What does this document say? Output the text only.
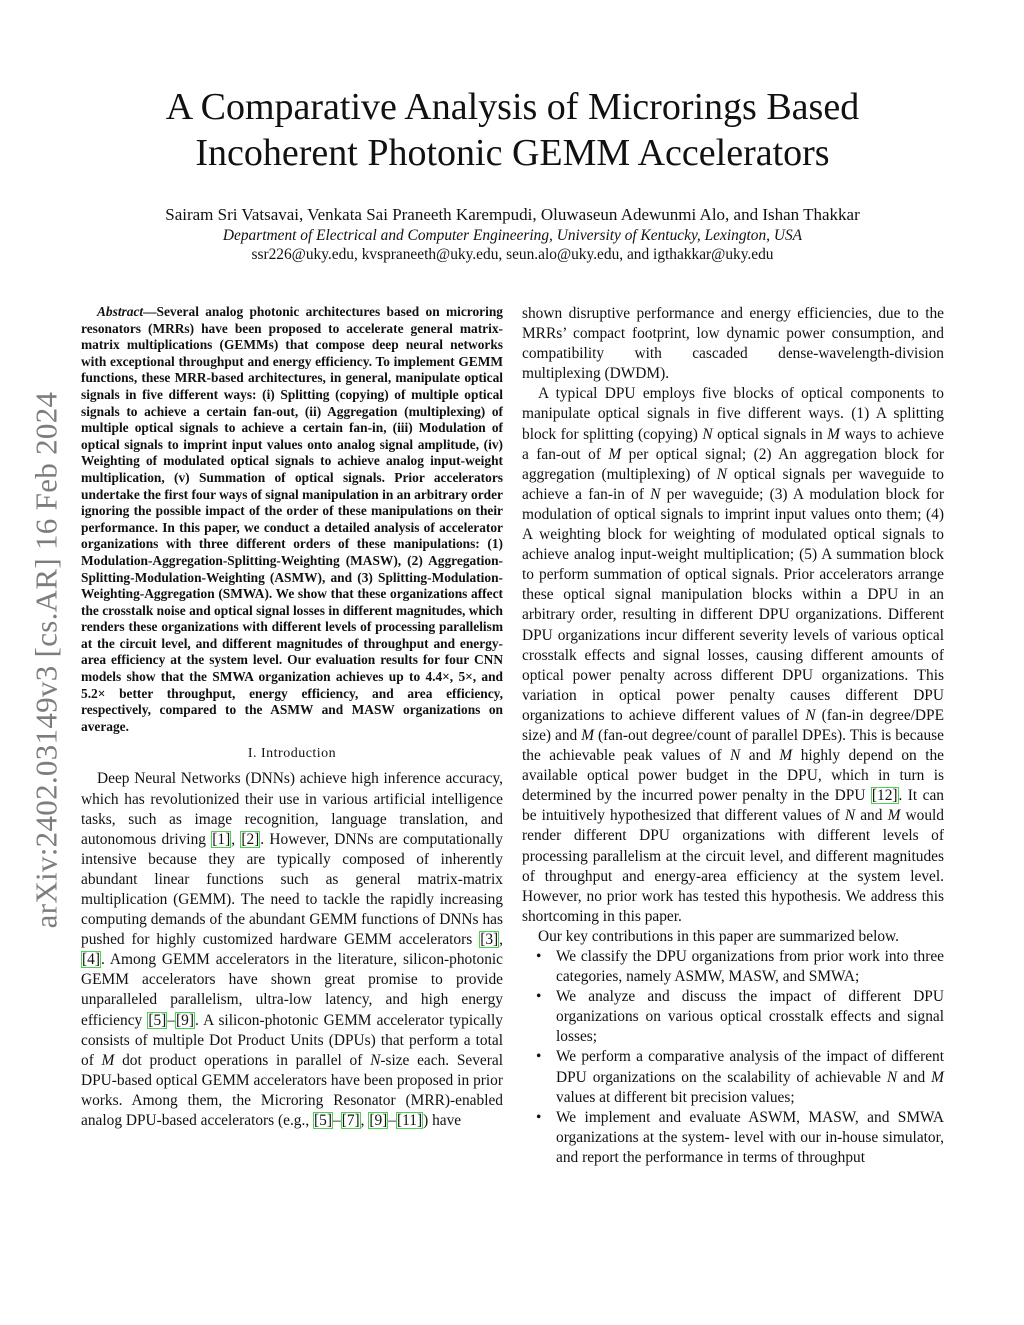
arXiv:2402.03149v3 [cs.AR] 16 Feb 2024
A Comparative Analysis of Microrings Based
Incoherent Photonic GEMM Accelerators
Sairam Sri Vatsavai, Venkata Sai Praneeth Karempudi, Oluwaseun Adewunmi Alo, and Ishan Thakkar
Department of Electrical and Computer Engineering, University of Kentucky, Lexington, USA
ssr226@uky.edu, kvspraneeth@uky.edu, seun.alo@uky.edu, and igthakkar@uky.edu

Abstract—Several analog photonic architectures based on microring resonators (MRRs) have been proposed to accelerate general matrix-matrix multiplications (GEMMs) that compose deep neural networks with exceptional throughput and energy efficiency. To implement GEMM functions, these MRR-based architectures, in general, manipulate optical signals in five different ways: (i) Splitting (copying) of multiple optical signals to achieve a certain fan-out, (ii) Aggregation (multiplexing) of multiple optical signals to achieve a certain fan-in, (iii) Modulation of optical signals to imprint input values onto analog signal amplitude, (iv) Weighting of modulated optical signals to achieve analog input-weight multiplication, (v) Summation of optical signals. Prior accelerators undertake the first four ways of signal manipulation in an arbitrary order ignoring the possible impact of the order of these manipulations on their performance. In this paper, we conduct a detailed analysis of accelerator organizations with three different orders of these manipulations: (1) Modulation-Aggregation-Splitting-Weighting (MASW), (2) Aggregation-Splitting-Modulation-Weighting (ASMW), and (3) Splitting-Modulation-Weighting-Aggregation (SMWA). We show that these organizations affect the crosstalk noise and optical signal losses in different magnitudes, which renders these organizations with different levels of processing parallelism at the circuit level, and different magnitudes of throughput and energy-area efficiency at the system level. Our evaluation results for four CNN models show that the SMWA organization achieves up to 4.4×, 5×, and 5.2× better throughput, energy efficiency, and area efficiency, respectively, compared to the ASMW and MASW organizations on average.

I. Introduction

Deep Neural Networks (DNNs) achieve high inference accuracy, which has revolutionized their use in various artificial intelligence tasks, such as image recognition, language translation, and autonomous driving [1], [2]. However, DNNs are computationally intensive because they are typically composed of inherently abundant linear functions such as general matrix-matrix multiplication (GEMM). The need to tackle the rapidly increasing computing demands of the abundant GEMM functions of DNNs has pushed for highly customized hardware GEMM accelerators [3], [4]. Among GEMM accelerators in the literature, silicon-photonic GEMM accelerators have shown great promise to provide unparalleled parallelism, ultra-low latency, and high energy efficiency [5]–[9]. A silicon-photonic GEMM accelerator typically consists of multiple Dot Product Units (DPUs) that perform a total of M dot product operations in parallel of N-size each. Several DPU-based optical GEMM accelerators have been proposed in prior works. Among them, the Microring Resonator (MRR)-enabled analog DPU-based accelerators (e.g., [5]–[7], [9]–[11]) have

shown disruptive performance and energy efficiencies, due to the MRRs’ compact footprint, low dynamic power consumption, and compatibility with cascaded dense-wavelength-division multiplexing (DWDM).

A typical DPU employs five blocks of optical components to manipulate optical signals in five different ways. (1) A splitting block for splitting (copying) N optical signals in M ways to achieve a fan-out of M per optical signal; (2) An aggregation block for aggregation (multiplexing) of N optical signals per waveguide to achieve a fan-in of N per waveguide; (3) A modulation block for modulation of optical signals to imprint input values onto them; (4) A weighting block for weighting of modulated optical signals to achieve analog input-weight multiplication; (5) A summation block to perform summation of optical signals. Prior accelerators arrange these optical signal manipulation blocks within a DPU in an arbitrary order, resulting in different DPU organizations. Different DPU organizations incur different severity levels of various optical crosstalk effects and signal losses, causing different amounts of optical power penalty across different DPU organizations. This variation in optical power penalty causes different DPU organizations to achieve different values of N (fan-in degree/DPE size) and M (fan-out degree/count of parallel DPEs). This is because the achievable peak values of N and M highly depend on the available optical power budget in the DPU, which in turn is determined by the incurred power penalty in the DPU [12]. It can be intuitively hypothesized that different values of N and M would render different DPU organizations with different levels of processing parallelism at the circuit level, and different magnitudes of throughput and energy-area efficiency at the system level. However, no prior work has tested this hypothesis. We address this shortcoming in this paper.

Our key contributions in this paper are summarized below.

• We classify the DPU organizations from prior work into three categories, namely ASMW, MASW, and SMWA;
• We analyze and discuss the impact of different DPU organizations on various optical crosstalk effects and signal losses;
• We perform a comparative analysis of the impact of different DPU organizations on the scalability of achievable N and M values at different bit precision values;
• We implement and evaluate ASWM, MASW, and SMWA organizations at the system- level with our in-house simulator, and report the performance in terms of throughput
